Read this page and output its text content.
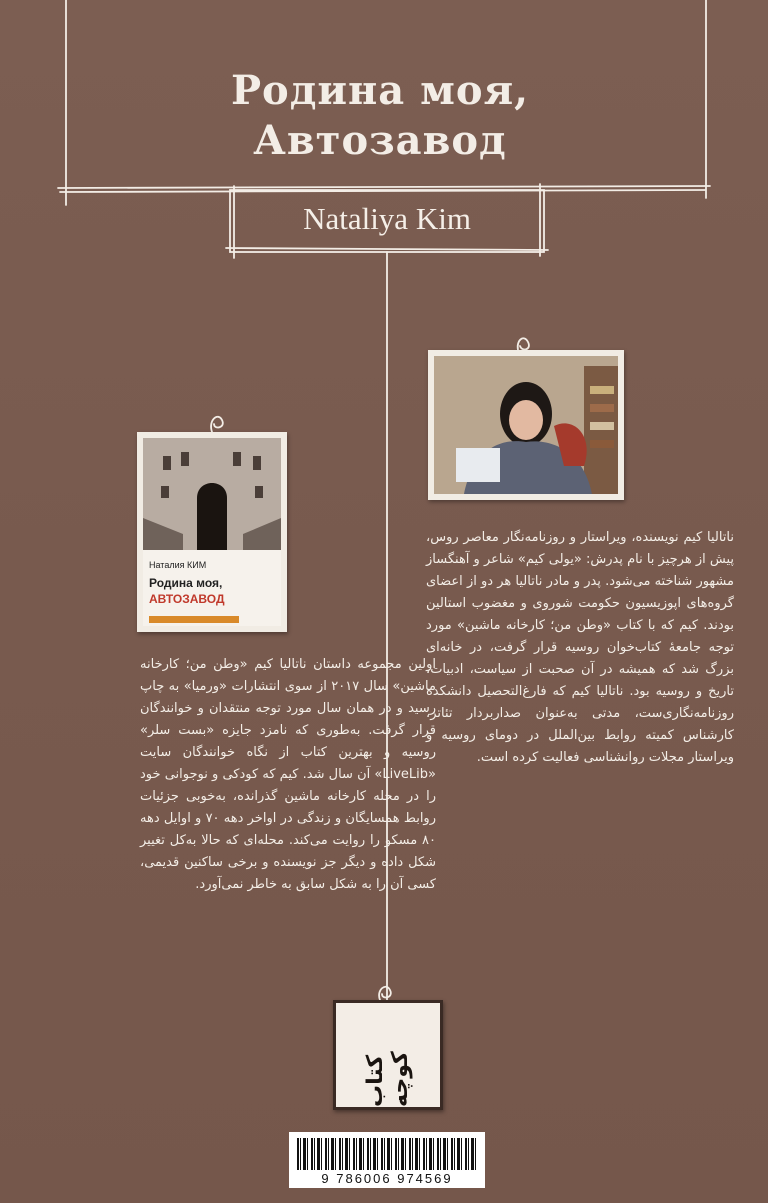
Родина моя,
Автозавод
Nataliya Kim
Наталия КИМ
Родина моя,
АВТОЗАВОД

ناتالیا کیم نویسنده، ویراستار و روزنامه‌نگار معاصر روس، پیش از هرچیز با نام پدرش: «یولی کیم» شاعر و آهنگساز مشهور شناخته می‌شود. پدر و مادر ناتالیا هر دو از اعضای گروه‌های اپوزیسیون حکومت شوروی و مغضوب استالین بودند. کیم که با کتاب «وطن من؛ کارخانه ماشین» مورد توجه جامعهٔ کتاب‌خوان روسیه قرار گرفت، در خانه‌ای بزرگ شد که همیشه در آن صحبت از سیاست، ادبیات، تاریخ و روسیه بود. ناتالیا کیم که فارغ‌التحصیل دانشکده روزنامه‌نگاری‌ست، مدتی به‌عنوان صداربردار تئاتر، کارشناس کمیته روابط بین‌الملل در دومای روسیه و ویراستار مجلات روانشناسی فعالیت کرده است.

اولین مجموعه داستان ناتالیا کیم «وطن من؛ کارخانه ماشین» سال ۲۰۱۷ از سوی انتشارات «ورمیا» به چاپ رسید و در همان سال مورد توجه منتقدان و خوانندگان قرار گرفت. به‌طوری که نامزد جایزه «بست سلر» روسیه و بهترین کتاب از نگاه خوانندگان سایت «LiveLib» آن سال شد. کیم که کودکی و نوجوانی خود را در محله کارخانه ماشین گذرانده، به‌خوبی جزئیات روابط همسایگان و زندگی در اواخر دهه ۷۰ و اوایل دهه ۸۰ مسکو را روایت می‌کند. محله‌ای که حالا به‌کل تغییر شکل داده و دیگر جز نویسنده و برخی ساکنین قدیمی، کسی آن را به شکل سابق به خاطر نمی‌آورد.

کتاب کوچه
9 786006 974569
